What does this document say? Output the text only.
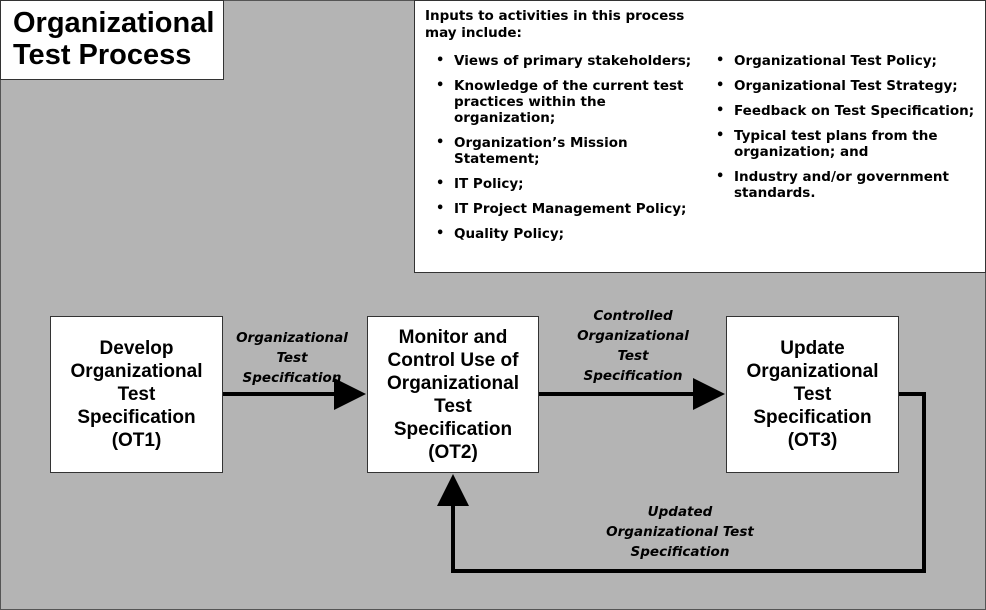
Organizational
Test Process
Inputs to activities in this process may include:
• Views of primary stakeholders;
• Knowledge of the current test practices within the organization;
• Organization’s Mission Statement;
• IT Policy;
• IT Project Management Policy;
• Quality Policy;
• Organizational Test Policy;
• Organizational Test Strategy;
• Feedback on Test Specification;
• Typical test plans from the organization; and
• Industry and/or government standards.
Develop
Organizational
Test
Specification
(OT1)
Monitor and
Control Use of
Organizational
Test
Specification
(OT2)
Update
Organizational
Test
Specification
(OT3)
Organizational
Test
Specification
Controlled
Organizational
Test
Specification
Updated
Organizational Test
Specification
